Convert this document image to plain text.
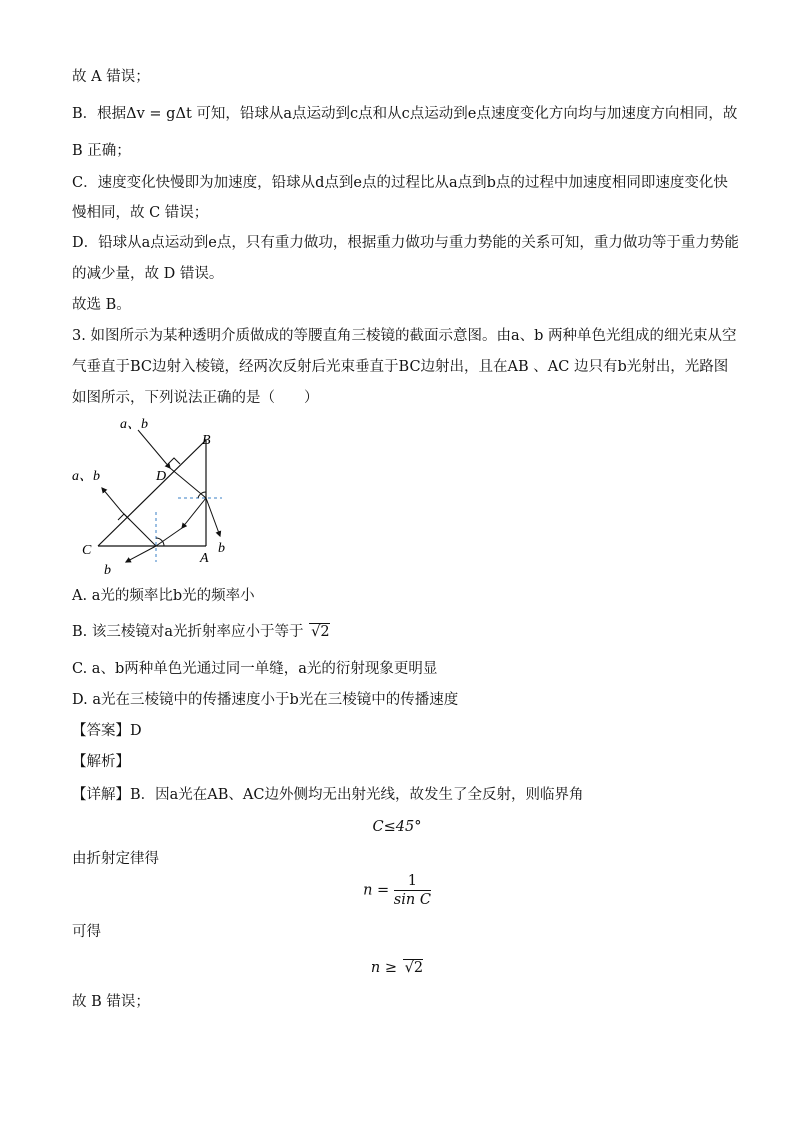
故 A 错误；
B．根据Δv = gΔt 可知，铅球从a点运动到c点和从c点运动到e点速度变化方向均与加速度方向相同，故
B 正确；
C．速度变化快慢即为加速度，铅球从d点到e点的过程比从a点到b点的过程中加速度相同即速度变化快
慢相同，故 C 错误；
D．铅球从a点运动到e点，只有重力做功，根据重力做功与重力势能的关系可知，重力做功等于重力势能
的减少量，故 D 错误。
故选 B。
3. 如图所示为某种透明介质做成的等腰直角三棱镜的截面示意图。由a、b 两种单色光组成的细光束从空
气垂直于BC边射入棱镜，经两次反射后光束垂直于BC边射出，且在AB 、AC 边只有b光射出，光路图
如图所示，下列说法正确的是（　　）
a、b
a、b
B
D
C
A
b
b
A. a光的频率比b光的频率小
B. 该三棱镜对a光折射率应小于等于 √2
C. a、b两种单色光通过同一单缝，a光的衍射现象更明显
D. a光在三棱镜中的传播速度小于b光在三棱镜中的传播速度
【答案】D
【解析】
【详解】B．因a光在AB、AC边外侧均无出射光线，故发生了全反射，则临界角
C≤45°
由折射定律得
$n = \frac{1}{\text{sin C}}$
可得
n ≥ √2
故 B 错误；
